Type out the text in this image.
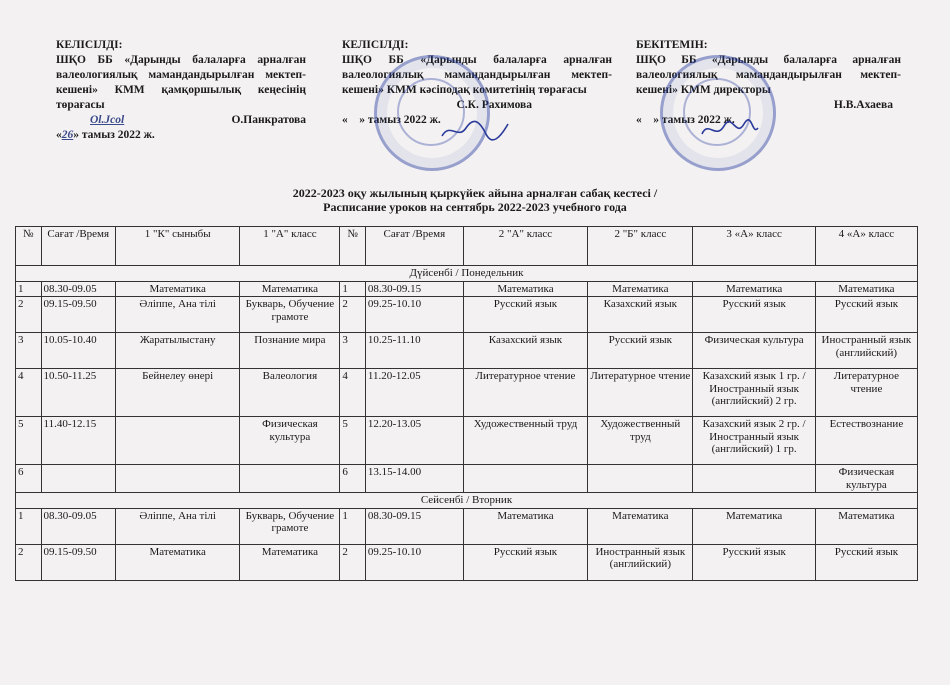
КЕЛІСІЛДІ:
ШҚО ББ «Дарынды балаларға арналған валеологиялық мамандандырылған мектеп-кешені» КММ қамқоршылық кеңесінің төрағасы
Ol.Jcol	О.Панкратова
«26» тамыз 2022 ж.
КЕЛІСІЛДІ:
ШҚО ББ «Дарынды балаларға арналған валеологиялық мамандандырылған мектеп-кешені» КММ кәсіподақ комитетінің төрағасы
С.К. Рахимова
« » тамыз 2022 ж.
БЕКІТЕМІН:
ШҚО ББ «Дарынды балаларға арналған валеологиялық мамандандырылған мектеп-кешені» КММ директоры
Н.В.Ахаева
« » тамыз 2022 ж.
2022-2023 оқу жылының қыркүйек айына арналған сабақ кестесі /
Расписание уроков на сентябрь 2022-2023 учебного года
№	Сағат /Время	1 "К" сыныбы	1 "А" класс	№	Сағат /Время	2 "А" класс	2 "Б" класс	3 «А» класс	4 «А» класс
Дүйсенбі / Понедельник									
1	08.30-09.05	Математика	Математика	1	08.30-09.15	Математика	Математика	Математика	Математика
2	09.15-09.50	Әліппе, Ана тілі	Букварь, Обучение грамоте	2	09.25-10.10	Русский язык	Казахский язык	Русский язык	Русский язык
3	10.05-10.40	Жаратылыстану	Познание мира	3	10.25-11.10	Казахский язык	Русский язык	Физическая культура	Иностранный язык (английский)
4	10.50-11.25	Бейнелеу өнері	Валеология	4	11.20-12.05	Литературное чтение	Литературное чтение	Казахский язык 1 гр. / Иностранный язык (английский) 2 гр.	Литературное чтение
5	11.40-12.15		Физическая культура	5	12.20-13.05	Художественный труд	Художественный труд	Казахский язык 2 гр. / Иностранный язык (английский) 1 гр.	Естествознание
6				6	13.15-14.00				Физическая культура
Сейсенбі / Вторник									
1	08.30-09.05	Әліппе, Ана тілі	Букварь, Обучение грамоте	1	08.30-09.15	Математика	Математика	Математика	Математика
2	09.15-09.50	Математика	Математика	2	09.25-10.10	Русский язык	Иностранный язык (английский)	Русский язык	Русский язык
